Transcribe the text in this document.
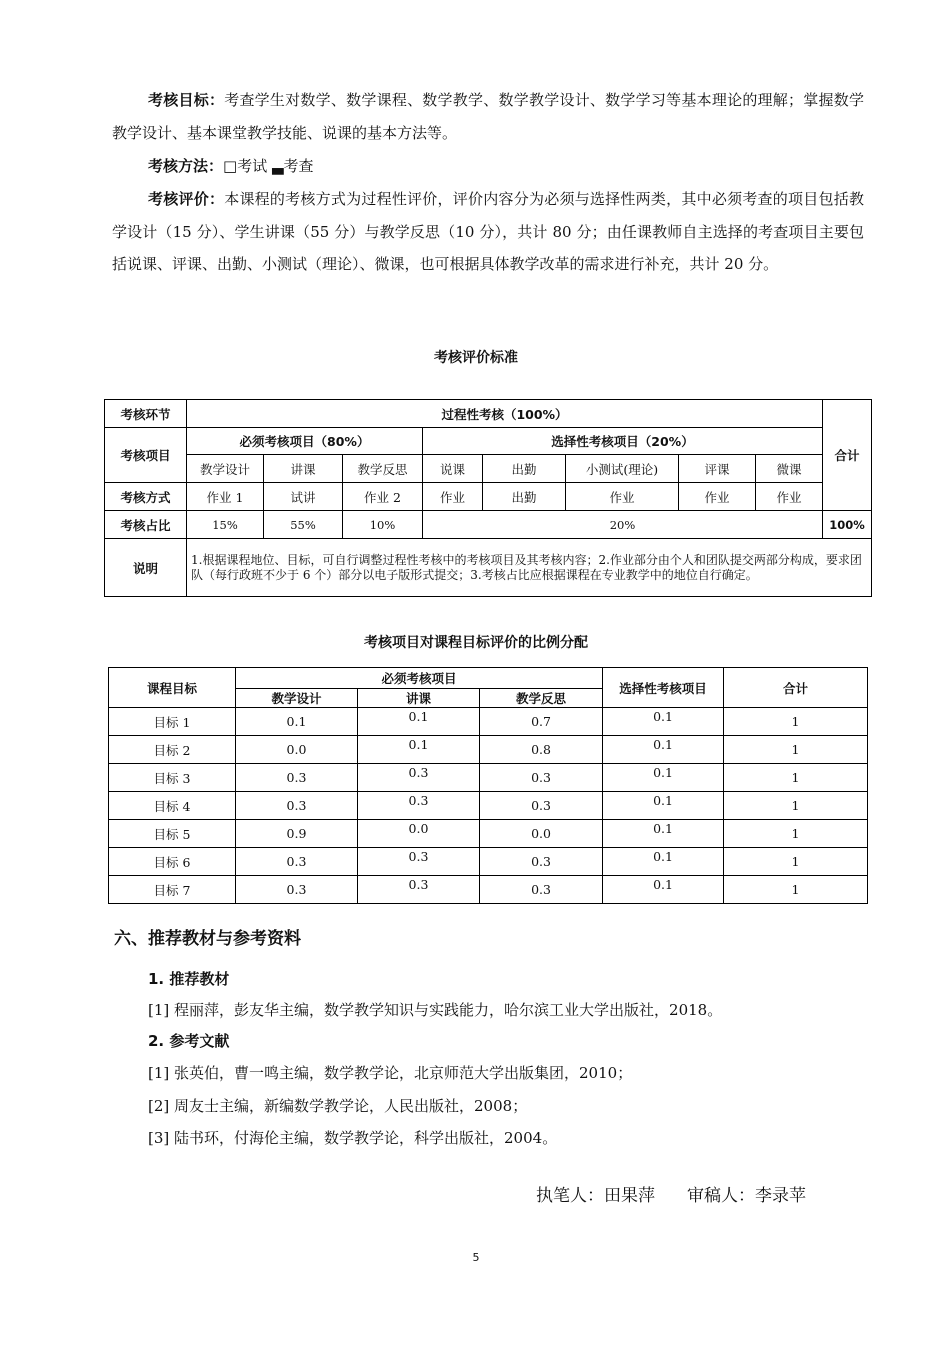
考核目标：考查学生对数学、数学课程、数学教学、数学教学设计、数学学习等基本理论的理解；掌握数学教学设计、基本课堂教学技能、说课的基本方法等。

考核方法：□考试 ▃考查

考核评价：本课程的考核方式为过程性评价，评价内容分为必须与选择性两类，其中必须考查的项目包括教学设计（15 分）、学生讲课（55 分）与教学反思（10 分），共计 80 分；由任课教师自主选择的考查项目主要包括说课、评课、出勤、小测试（理论）、微课，也可根据具体教学改革的需求进行补充，共计 20 分。

考核评价标准
考核环节	过程性考核（100%）								合计
考核项目	必须考核项目（80%）			选择性考核项目（20%）					
	教学设计	讲课	教学反思	说课	出勤	小测试(理论)	评课	微课	
考核方式	作业 1	试讲	作业 2	作业	出勤	作业	作业	作业	
考核占比	15%	55%	10%	20%					100%
说明	1.根据课程地位、目标，可自行调整过程性考核中的考核项目及其考核内容；2.作业部分由个人和团队提交两部分构成，要求团队（每行政班不少于 6 个）部分以电子版形式提交；3.考核占比应根据课程在专业教学中的地位自行确定。								
考核项目对课程目标评价的比例分配
课程目标	必须考核项目			选择性考核项目	合计
	教学设计	讲课	教学反思		
目标 1	0.1	0.1	0.7	0.1	1
目标 2	0.0	0.1	0.8	0.1	1
目标 3	0.3	0.3	0.3	0.1	1
目标 4	0.3	0.3	0.3	0.1	1
目标 5	0.9	0.0	0.0	0.1	1
目标 6	0.3	0.3	0.3	0.1	1
目标 7	0.3	0.3	0.3	0.1	1
六、推荐教材与参考资料
1. 推荐教材
[1] 程丽萍，彭友华主编，数学教学知识与实践能力，哈尔滨工业大学出版社，2018。
2. 参考文献
[1] 张英伯，曹一鸣主编，数学教学论，北京师范大学出版集团，2010；
[2] 周友士主编，新编数学教学论，人民出版社，2008；
[3] 陆书环，付海伦主编，数学教学论，科学出版社，2004。
执笔人：田果萍 审稿人：李录苹
5
